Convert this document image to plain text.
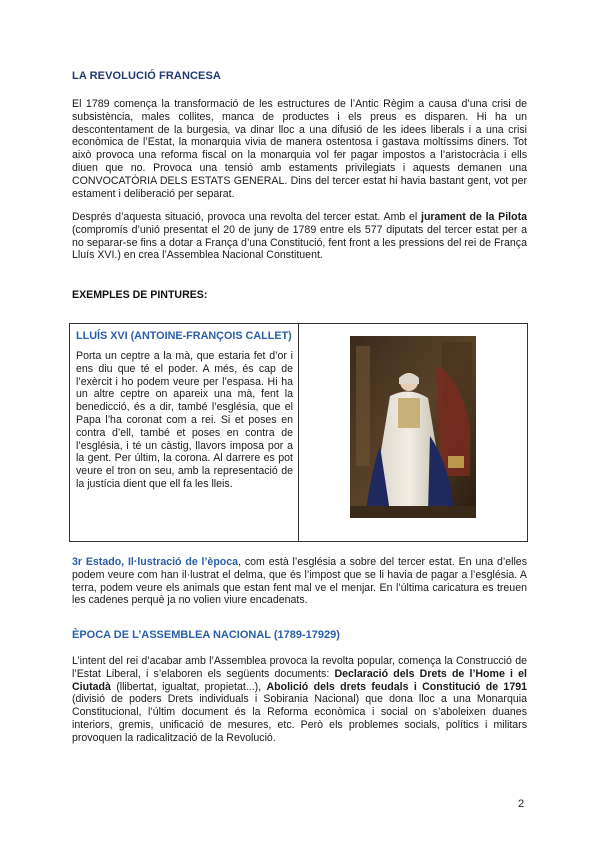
LA REVOLUCIÓ FRANCESA

El 1789 comença la transformació de les estructures de l’Antic Règim a causa d’una crisi de subsistència, males collites, manca de productes i els preus es disparen. Hi ha un descontentament de la burgesia, va dinar lloc a una difusió de les idees liberals i a una crisi econòmica de l’Estat, la monarquia vivia de manera ostentosa i gastava moltíssims diners. Tot això provoca una reforma fiscal on la monarquia vol fer pagar impostos a l’aristocràcia i ells diuen que no. Provoca una tensió amb estaments privilegiats i aquests demanen una CONVOCATÒRIA DELS ESTATS GENERAL. Dins del tercer estat hi havia bastant gent, vot per estament i deliberació per separat.

Després d’aquesta situació, provoca una revolta del tercer estat. Amb el jurament de la Pilota (compromís d’unió presentat el 20 de juny de 1789 entre els 577 diputats del tercer estat per a no separar-se fins a dotar a França d’una Constitució, fent front a les pressions del rei de França Lluís XVI.) en crea l’Assemblea Nacional Constituent.

EXEMPLES DE PINTURES:
LLUÍS XVI (ANTOINE-FRANÇOIS CALLET)

Porta un ceptre a la mà, que estaria fet d’or i ens diu que té el poder. A més, és cap de l’exèrcit i ho podem veure per l’espasa. Hi ha un altre ceptre on apareix una mà, fent la benedicció, és a dir, també l’església, que el Papa l’ha coronat com a rei. Si et poses en contra d’ell, també et poses en contra de l’església, i té un càstig, llavors imposa por a la gent. Per últim, la corona. Al darrere es pot veure el tron on seu, amb la representació de la justícia dient que ell fa les lleis.

3r Estado, Il·lustració de l’època, com està l’església a sobre del tercer estat. En una d’elles podem veure com han il·lustrat el delma, que és l’impost que se li havia de pagar a l’església. A terra, podem veure els animals que estan fent mal ve el menjar. En l’última caricatura es treuen les cadenes perquè ja no volien viure encadenats.

ÈPOCA DE L’ASSEMBLEA NACIONAL (1789-17929)

L’intent del rei d’acabar amb l’Assemblea provoca la revolta popular, comença la Construcció de l’Estat Liberal, i s’elaboren els següents documents: Declaració dels Drets de l’Home i el Ciutadà (llibertat, igualtat, propietat...), Abolició dels drets feudals i Constitució de 1791 (divisió de poders Drets individuals i Sobirania Nacional) que dona lloc a una Monarquia Constitucional, l’últim document és la Reforma econòmica i social on s’aboleixen duanes interiors, gremis, unificació de mesures, etc. Però els problemes socials, polítics i militars provoquen la radicalització de la Revolució.

2
